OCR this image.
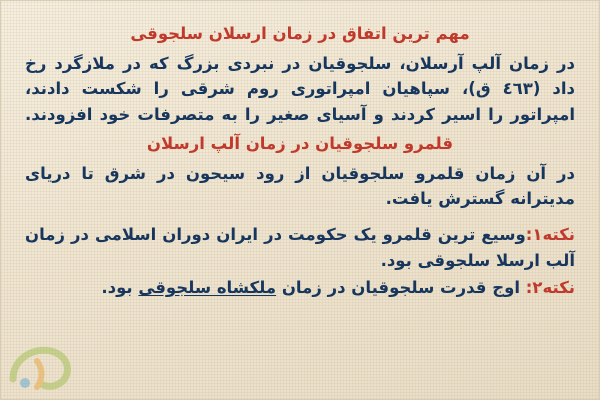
مهم ترین اتفاق در زمان ارسلان سلجوقی
در زمان آلپ آرسلان، سلجوقیان در نبردی بزرگ که در ملازگرد رخ داد (٤٦٣ ق)، سپاهیان امپراتوری روم شرقی را شکست دادند، امپراتور را اسیر کردند و آسیای صغیر را به متصرفات خود افزودند.
قلمرو سلجوقیان در زمان آلپ ارسلان
در آن زمان قلمرو سلجوقیان از رود سیحون در شرق تا دریای مدیترانه گسترش یافت.
نکته۱:وسیع ترین قلمرو یک حکومت در ایران دوران اسلامی در زمان آلب ارسلا سلجوقی بود.
نکته۲: اوج قدرت سلجوقیان در زمان ملکشاه سلجوقی بود.
